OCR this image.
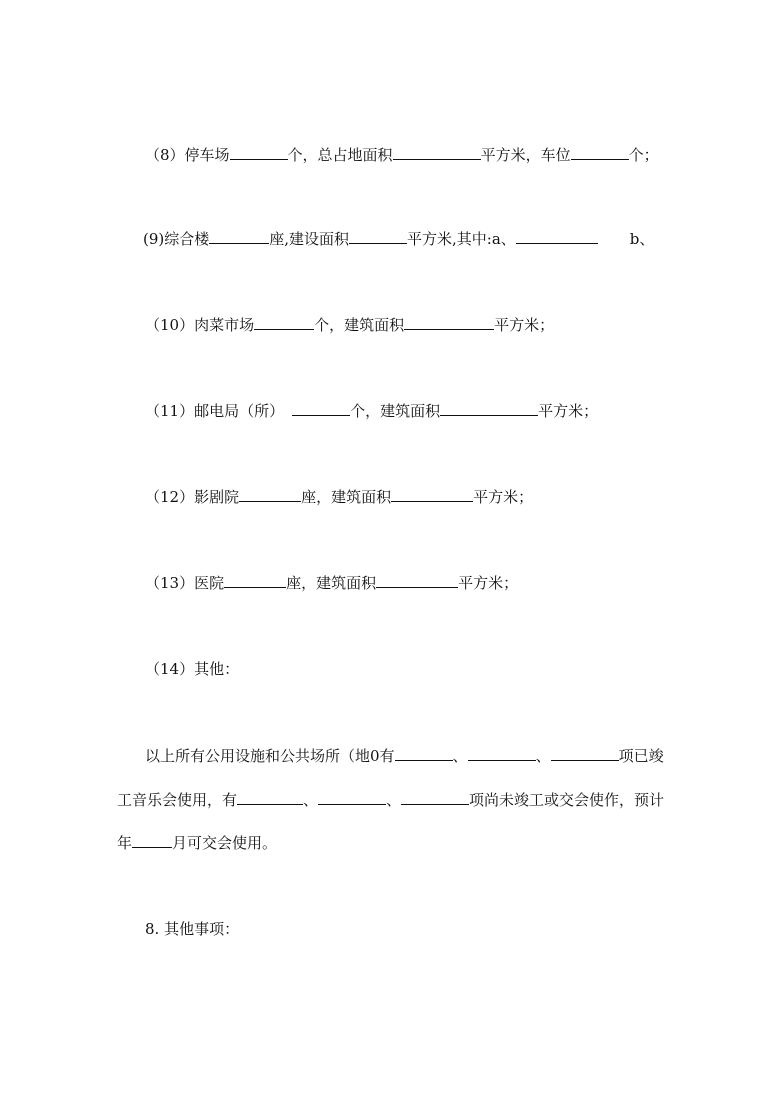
（8）停车场	个，总占地面积	平方米，车位	个；
(9)综合楼	座,建设面积	平方米,其中:a、	b、
（10）肉菜市场	个，建筑面积	平方米；
（11）邮电局（所）	个，建筑面积	平方米；
（12）影剧院	座，建筑面积	平方米；
（13）医院	座，建筑面积	平方米；
（14）其他：
以上所有公用设施和公共场所（地0有	、	、	项已竣
工音乐会使用，有	、	、	项尚未竣工或交会使作，预计
年	月可交会使用。
8. 其他事项：
